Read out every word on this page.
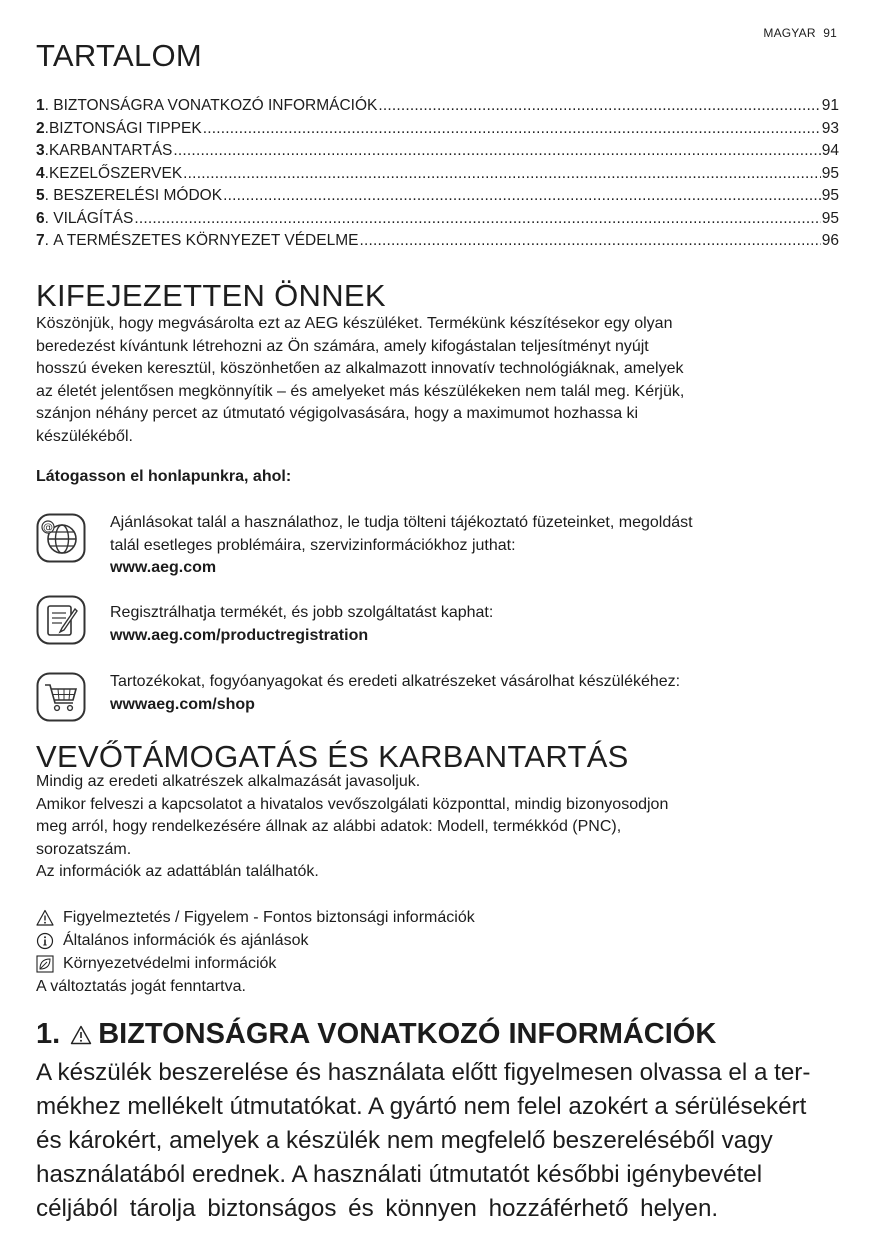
MAGYAR 91
TARTALOM
1 . BIZTONSÁGRA VONATKOZÓ INFORMÁCIÓK .....	91
2 . BIZTONSÁGI TIPPEK .....	93
3 . KARBANTARTÁS .....	94
4 . KEZELŐSZERVEK .....	95
5 . BESZERELÉSI MÓDOK .....	95
6 . VILÁGÍTÁS .....	95
7 . A TERMÉSZETES KÖRNYEZET VÉDELME .....	96
KIFEJEZETTEN ÖNNEK

Köszönjük, hogy megvásárolta ezt az AEG készüléket. Termékünk készítésekor egy olyan

beredezést kívántunk létrehozni az Ön számára, amely kifogástalan teljesítményt nyújt

hosszú éveken keresztül, köszönhetően az alkalmazott innovatív technológiáknak, amelyek

az életét jelentősen megkönnyítik – és amelyeket más készülékeken nem talál meg. Kérjük,

szánjon néhány percet az útmutató végigolvasására, hogy a maximumot hozhassa ki

készülékéből.

Látogasson el honlapunkra, ahol:
@	Ajánlásokat talál a használathoz, le tudja tölteni tájékoztató füzeteinket, megoldást
talál esetleges problémáira, szervizinformációkhoz juthat:
www.aeg.com
Regisztrálhatja termékét, és jobb szolgáltatást kaphat:
www.aeg.com/productregistration
Tartozékokat, fogyóanyagokat és eredeti alkatrészeket vásárolhat készülékéhez:
wwwaeg.com/shop
VEVŐTÁMOGATÁS ÉS KARBANTARTÁS

Mindig az eredeti alkatrészek alkalmazását javasoljuk.

Amikor felveszi a kapcsolatot a hivatalos vevőszolgálati központtal, mindig bizonyosodjon

meg arról, hogy rendelkezésére állnak az alábbi adatok: Modell, termékkód (PNC),

sorozatszám.

Az információk az adattáblán találhatók.

Figyelmeztetés / Figyelem - Fontos biztonsági információk
Általános információk és ajánlások
Környezetvédelmi információk
A változtatás jogát fenntartva.
1. BIZTONSÁGRA VONATKOZÓ INFORMÁCIÓK

A készülék beszerelése és használata előtt figyelmesen olvassa el a ter-

mékhez mellékelt útmutatókat. A gyártó nem felel azokért a sérülésekért

és károkért, amelyek a készülék nem megfelelő beszereléséből vagy

használatából erednek. A használati útmutatót későbbi igénybevétel

céljából tárolja biztonságos és könnyen hozzáférhető helyen.
